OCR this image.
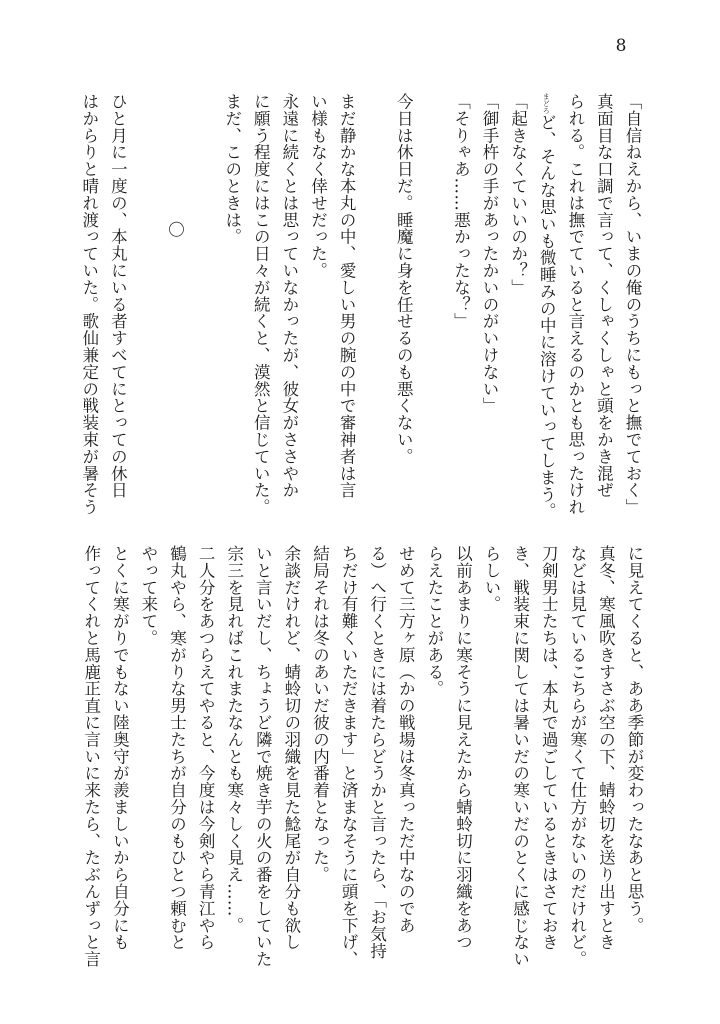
8
「自信ねえから、いまの俺のうちにもっと撫でておく」
真面目な口調で言って、くしゃくしゃと頭をかき混ぜ
られる。これは撫でていると言えるのかとも思ったけれ
まどろど、そんな思いも微睡みの中に溶けていってしまう。
「起きなくていいのか？」
「御手杵の手があったかいのがいけない」
「そりゃあ……悪かったな？」
今日は休日だ。睡魔に身を任せるのも悪くない。
まだ静かな本丸の中、愛しい男の腕の中で審神者は言
い様もなく倖せだった。
永遠に続くとは思っていなかったが、彼女がささやか
に願う程度にはこの日々が続くと、漠然と信じていた。
まだ、このときは。
〇
ひと月に一度の、本丸にいる者すべてにとっての休日
はからりと晴れ渡っていた。歌仙兼定の戦装束が暑そう
に見えてくると、ああ季節が変わったなあと思う。
真冬、寒風吹きすさぶ空の下、蜻蛉切を送り出すとき
などは見ているこちらが寒くて仕方がないのだけれど。
刀剣男士たちは、本丸で過ごしているときはさておき
き、戦装束に関しては暑いだの寒いだのとくに感じない
らしい。
以前あまりに寒そうに見えたから蜻蛉切に羽織をあつ
らえたことがある。
せめて三方ヶ原（かの戦場は冬真っただ中なのであ
る）へ行くときには着たらどうかと言ったら、「お気持
ちだけ有難くいただきます」と済まなそうに頭を下げ、
結局それは冬のあいだ彼の内番着となった。
余談だけれど、蜻蛉切の羽織を見た鯰尾が自分も欲し
いと言いだし、ちょうど隣で焼き芋の火の番をしていた
宗三を見ればこれまたなんとも寒々しく見え……。
二人分をあつらえてやると、今度は今剣やら青江やら
鶴丸やら、寒がりな男士たちが自分のもひとつ頼むと
やって来て。
とくに寒がりでもない陸奥守が羨ましいから自分にも
作ってくれと馬鹿正直に言いに来たら、たぶんずっと言
